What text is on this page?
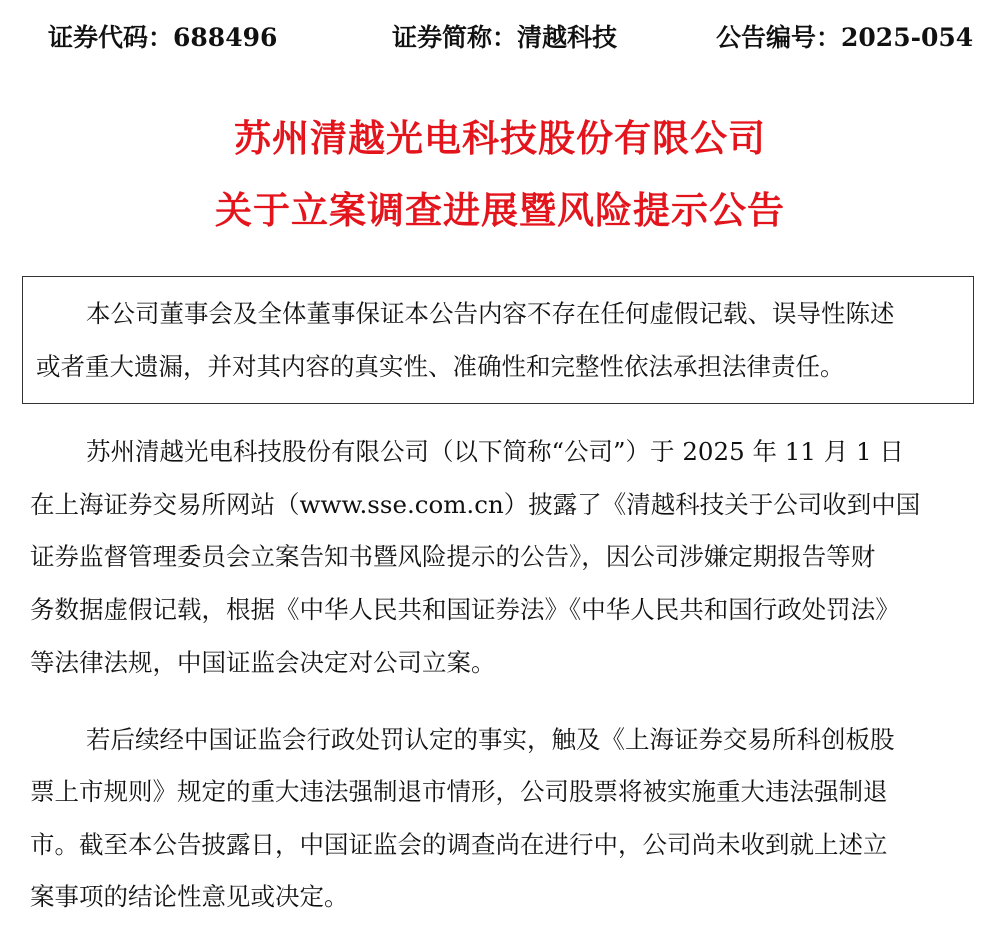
证券代码：688496	证券简称：清越科技	公告编号：2025-054
苏州清越光电科技股份有限公司
关于立案调查进展暨风险提示公告
本公司董事会及全体董事保证本公告内容不存在任何虚假记载、误导性陈述
或者重大遗漏，并对其内容的真实性、准确性和完整性依法承担法律责任。
苏州清越光电科技股份有限公司（以下简称“公司”）于 2025 年 11 月 1 日
在上海证券交易所网站（www.sse.com.cn）披露了《清越科技关于公司收到中国
证券监督管理委员会立案告知书暨风险提示的公告》，因公司涉嫌定期报告等财
务数据虚假记载，根据《中华人民共和国证券法》《中华人民共和国行政处罚法》
等法律法规，中国证监会决定对公司立案。
若后续经中国证监会行政处罚认定的事实，触及《上海证券交易所科创板股
票上市规则》规定的重大违法强制退市情形，公司股票将被实施重大违法强制退
市。截至本公告披露日，中国证监会的调查尚在进行中，公司尚未收到就上述立
案事项的结论性意见或决定。
